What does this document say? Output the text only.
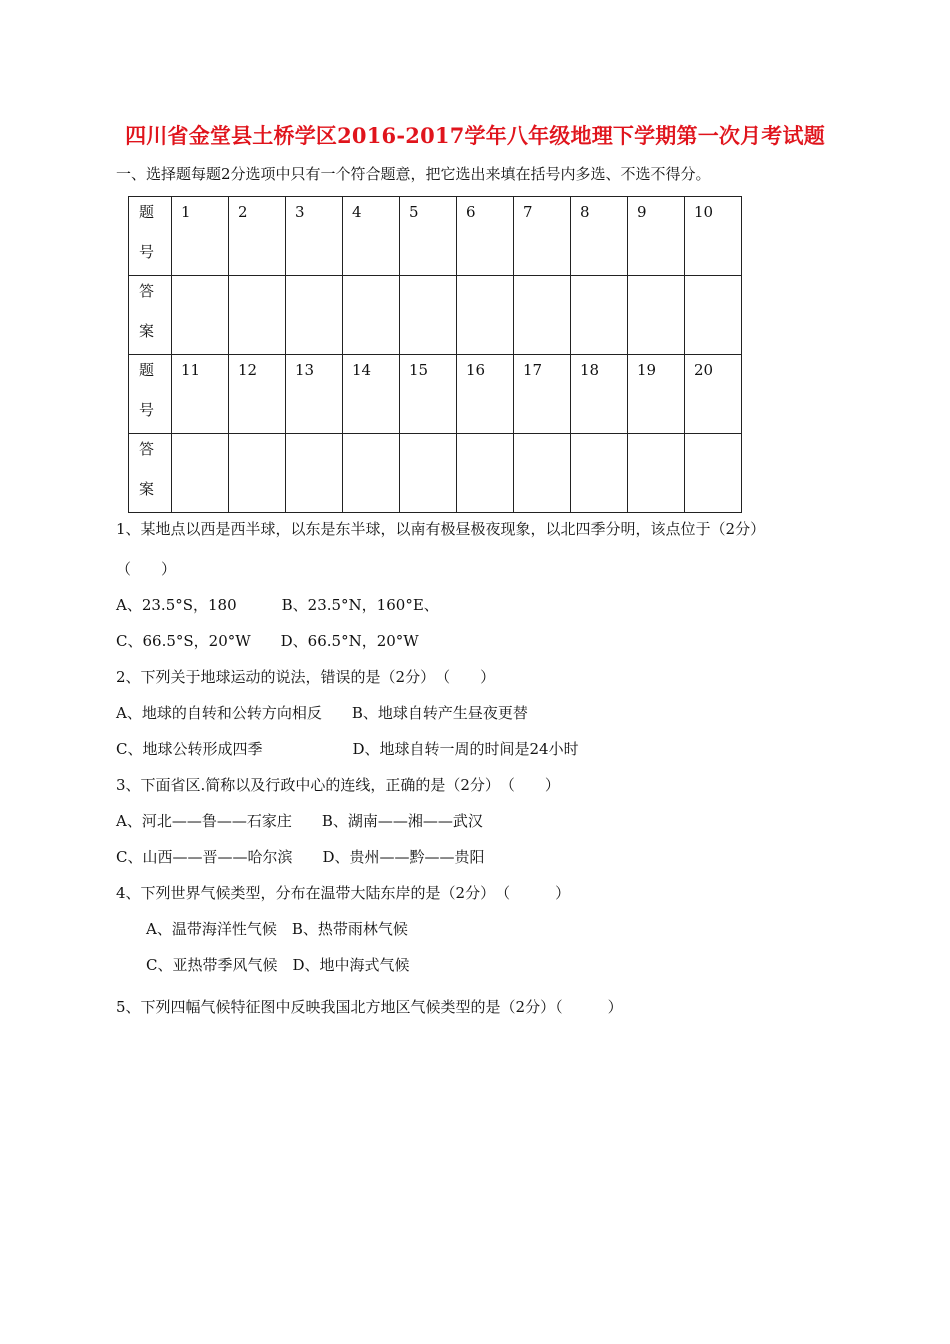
四川省金堂县土桥学区2016-2017学年八年级地理下学期第一次月考试题
一、选择题每题2分选项中只有一个符合题意，把它选出来填在括号内多选、不选不得分。
题
号	1	2	3	4	5	6	7	8	9	10

答
案										

题
号	11	12	13	14	15	16	17	18	19	20

答
案										

1、某地点以西是西半球，以东是东半球，以南有极昼极夜现象，以北四季分明，该点位于（2分）
（　　）
A、23.5°S，180　　　B、23.5°N，160°E、
C、66.5°S，20°W　　D、66.5°N，20°W
2、下列关于地球运动的说法，错误的是（2分）　（　　）
A、地球的自转和公转方向相反　　B、地球自转产生昼夜更替
C、地球公转形成四季　　　　　　D、地球自转一周的时间是24小时
3、下面省区.简称以及行政中心的连线，正确的是（2分）　（　　）
A、河北——鲁——石家庄　　B、湖南——湘——武汉
C、山西——晋——哈尔滨　　D、贵州——黔——贵阳
4、下列世界气候类型，分布在温带大陆东岸的是（2分）　（　　　）
A、温带海洋性气候　B、热带雨林气候
C、亚热带季风气候　D、地中海式气候
5、下列四幅气候特征图中反映我国北方地区气候类型的是（2分）（　　　）
